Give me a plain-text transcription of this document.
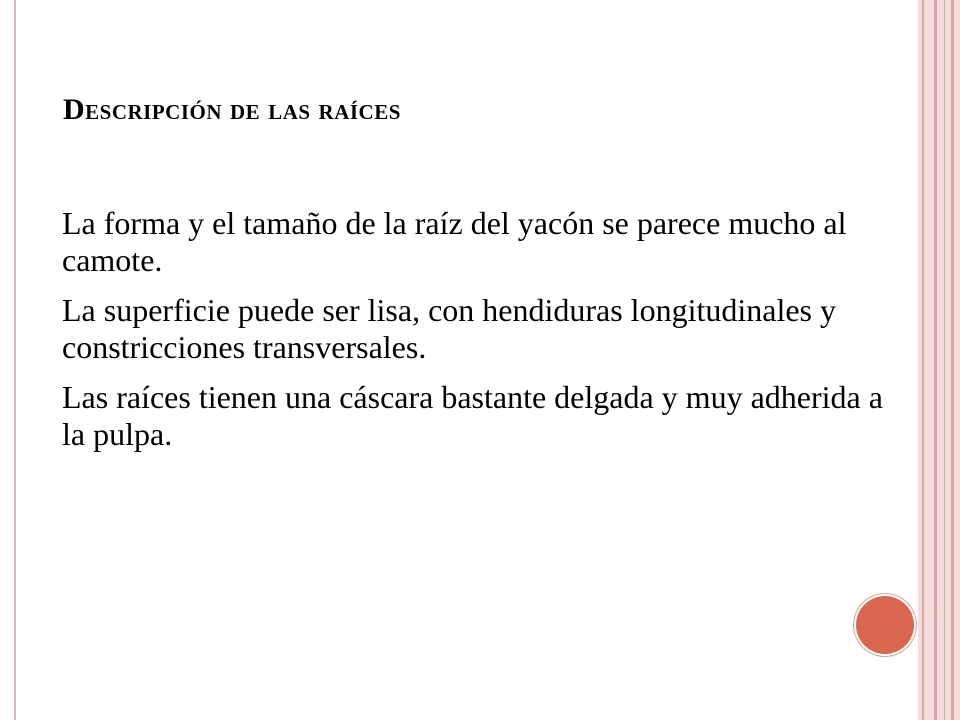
Descripción de las raíces

La forma y el tamaño de la raíz del yacón se parece mucho al camote.

La superficie puede ser lisa, con hendiduras longitudinales y constricciones transversales.

Las raíces tienen una cáscara bastante delgada y muy adherida a la pulpa.
